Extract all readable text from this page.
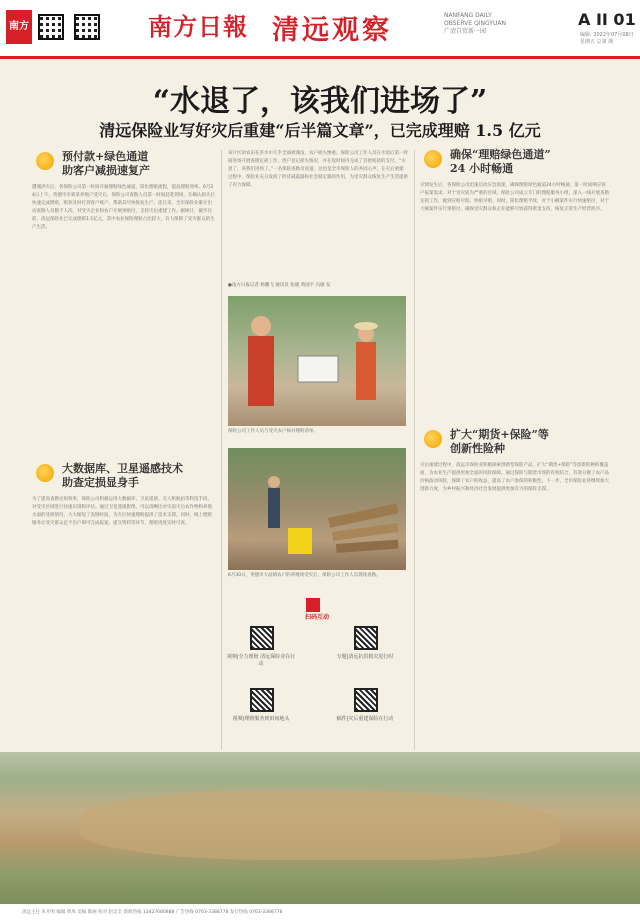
南方	南方日報 清远观察	NANFANG DAILY
OBSERVE QINGYUAN
广清自贸新一园
A II 01
编辑: 2022年07月08日
星期五 总第 期
“水退了，该我们进场了”
清远保险业写好灾后重建“后半篇文章”，已完成理赔 1.5 亿元
预付款+绿色通道
助客户减损速复产
遭遇洪灾后，各保险公司第一时间开通理赔绿色通道，简化理赔流程，提高理赔效率。6月24日上午，英德市市郊某养殖户受灾后，保险公司查勘人员第一时间赶赴现场，在确认损失后快速完成理赔，赔款及时打到客户账户，帮助其尽快恢复生产。连日来，全市保险业累计出动查勘人员数千人次，对受灾企业和农户开展预赔付，支持灾后重建工作。据统计，截至目前，清远保险业已完成理赔1.5亿元，其中农业保险理赔占比较大，有力保障了受灾群众的生产生活。
大数据库、卫星遥感技术
助查定损显身手
为了提高查勘定损效率，保险公司积极运用大数据库、卫星遥感、无人机航拍等科技手段，对受灾区域进行快速识别和评估。通过卫星遥感影像，可以清晰比对灾前灾后农作物和养殖水面的受损情况，大大缩短了查勘时间，为灾后快速理赔提供了技术支撑。同时，线上理赔服务让受灾群众足不出户即可完成报案、提交资料等环节，理赔进度实时可查。
该片区的农田在洪水中几乎全部被淹没，农户损失惨重。保险公司工作人员在水退后第一时间进场开展查勘定损工作，逐户登记损失情况，并在短时间内完成了首批赔款的支付。“水退了，该我们进场了。”一名保险查勘员说道，这也是全市保险人的共同心声。在灾后重建过程中，保险业充分发挥了经济减震器和社会稳定器的作用，为受灾群众恢复生产生活提供了有力保障。
●南方日报记者 杨鹏飞 通讯员 张晓 黄国平 冯敏 发
保险公司工作人员与受灾农户核对理赔清单。
6月30日，英德市大站镇农户的养殖场受灾后，保险公司工作人员现场查勘。
扫码互动
视频|全力理赔 清远保险业在行动
专题|清远抗洪救灾进行时
视频|理赔服务到田间地头	稿件|灾后重建保险在行动
确保“理赔绿色通道”
24 小时畅通
灾情发生后，各保险公司迅速启动应急预案，确保理赔绿色通道24小时畅通，第一时间响应客户报案需求。对于受灾较为严重的区域，保险公司成立专门的理赔服务小组，深入一线开展查勘定损工作，做到应赔尽赔、快赔早赔。同时，简化理赔手续，对于小额案件实行快速赔付，对于大额案件实行预赔付，确保受灾群众和企业能够尽快获得资金支持，恢复正常生产经营秩序。
扩大“期货+保险”等
创新性险种
灾后重建过程中，清远市保险业积极探索创新型保险产品，扩大“期货+保险”等创新险种的覆盖面，为农业生产提供更加全面的风险保障。通过保险与期货市场的有机结合，有效分散了农产品价格波动风险，保障了农户的收益，提高了农户参保的积极性。下一步，全市保险业将继续加大创新力度，为乡村振兴和经济社会发展提供更加有力的保险支撑。
清远主任 朱开明 编辑 黄凤 美编 陈丽 校对 赵忠全 新闻热线 13427680888 广告热线 0763-3388778 发行热线 0763-3388778
